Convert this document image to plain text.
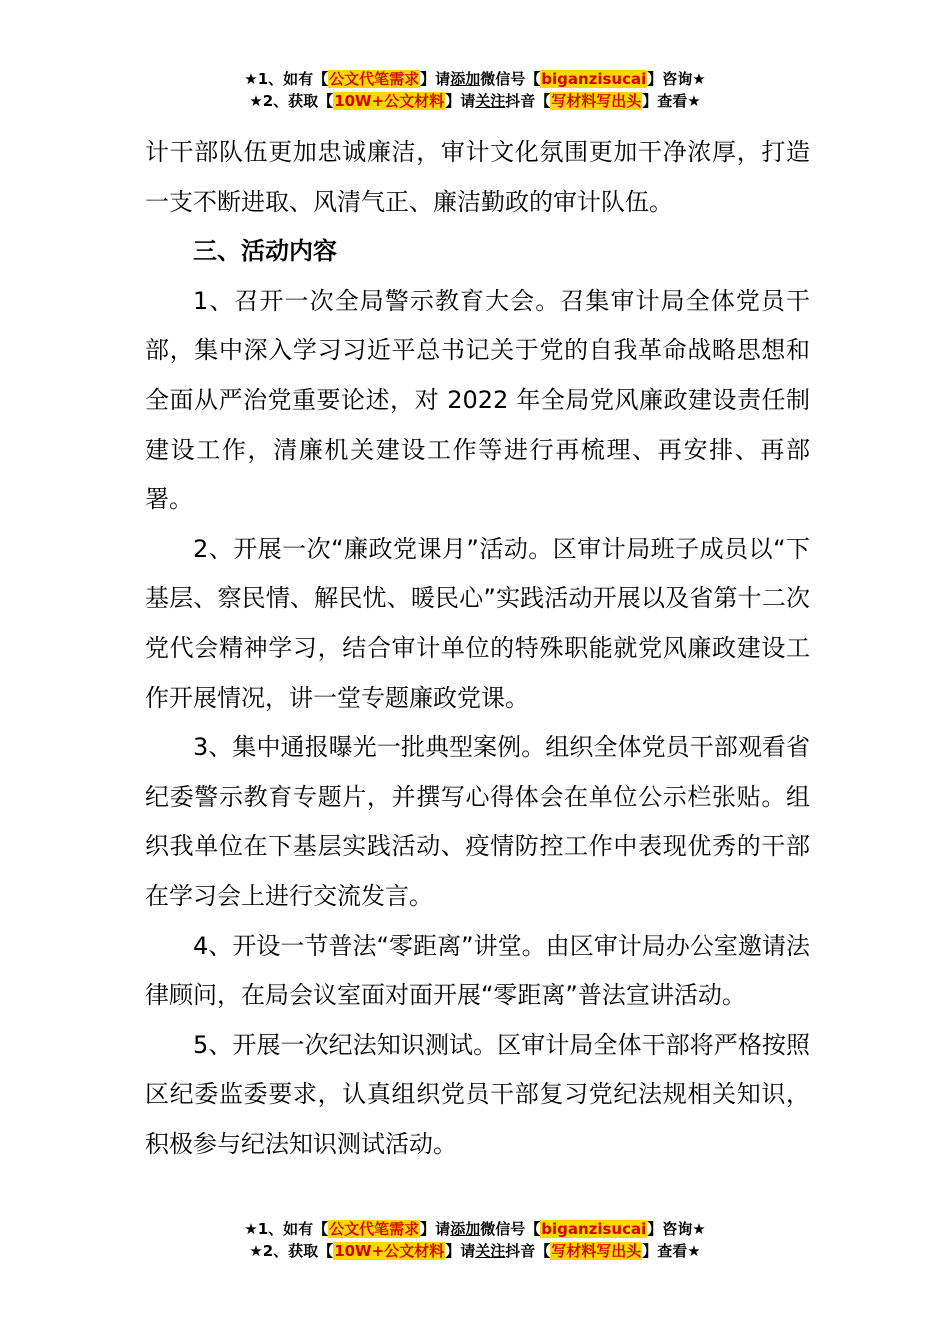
★1、如有【公文代笔需求】请添加微信号【biganzisucai】咨询★
★2、获取【10W+公文材料】请关注抖音【写材料写出头】查看★

计干部队伍更加忠诚廉洁，审计文化氛围更加干净浓厚，打造一支不断进取、风清气正、廉洁勤政的审计队伍。

三、活动内容

1、召开一次全局警示教育大会。召集审计局全体党员干部，集中深入学习习近平总书记关于党的自我革命战略思想和全面从严治党重要论述，对 2022 年全局党风廉政建设责任制建设工作，清廉机关建设工作等进行再梳理、再安排、再部署。

2、开展一次“廉政党课月”活动。区审计局班子成员以“下基层、察民情、解民忧、暖民心”实践活动开展以及省第十二次党代会精神学习，结合审计单位的特殊职能就党风廉政建设工作开展情况，讲一堂专题廉政党课。

3、集中通报曝光一批典型案例。组织全体党员干部观看省纪委警示教育专题片，并撰写心得体会在单位公示栏张贴。组织我单位在下基层实践活动、疫情防控工作中表现优秀的干部在学习会上进行交流发言。

4、开设一节普法“零距离”讲堂。由区审计局办公室邀请法律顾问，在局会议室面对面开展“零距离”普法宣讲活动。

5、开展一次纪法知识测试。区审计局全体干部将严格按照区纪委监委要求，认真组织党员干部复习党纪法规相关知识，积极参与纪法知识测试活动。

★1、如有【公文代笔需求】请添加微信号【biganzisucai】咨询★
★2、获取【10W+公文材料】请关注抖音【写材料写出头】查看★
